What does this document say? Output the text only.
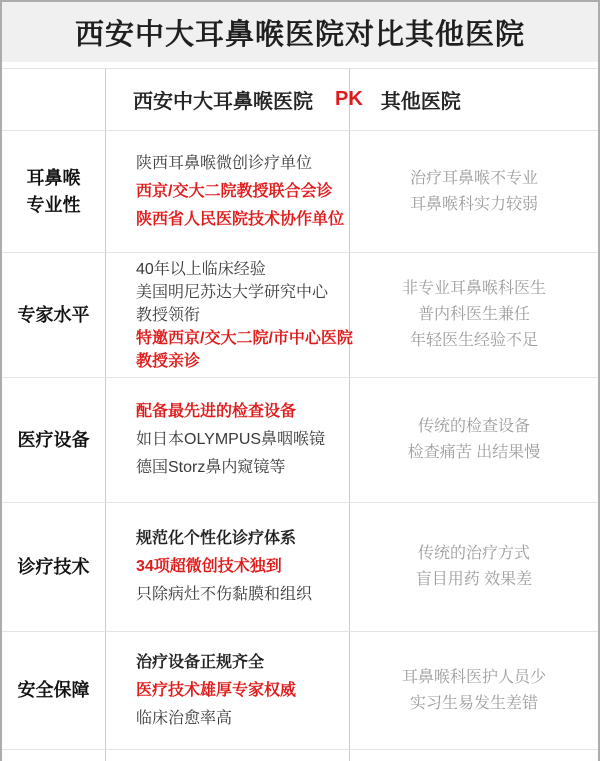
西安中大耳鼻喉医院对比其他医院
西安中大耳鼻喉医院 PK 其他医院
耳鼻喉
专业性
陕西耳鼻喉微创诊疗单位
西京/交大二院教授联合会诊
陕西省人民医院技术协作单位
治疗耳鼻喉不专业
耳鼻喉科实力较弱
专家水平
40年以上临床经验
美国明尼苏达大学研究中心
教授领衔
特邀西京/交大二院/市中心医院
教授亲诊
非专业耳鼻喉科医生
普内科医生兼任
年轻医生经验不足
医疗设备
配备最先进的检查设备
如日本OLYMPUS鼻咽喉镜
德国Storz鼻内窥镜等
传统的检查设备
检查痛苦 出结果慢
诊疗技术
规范化个性化诊疗体系
34项超微创技术独到
只除病灶不伤黏膜和组织
传统的治疗方式
盲目用药 效果差
安全保障
治疗设备正规齐全
医疗技术雄厚专家权威
临床治愈率高
耳鼻喉科医护人员少
实习生易发生差错
